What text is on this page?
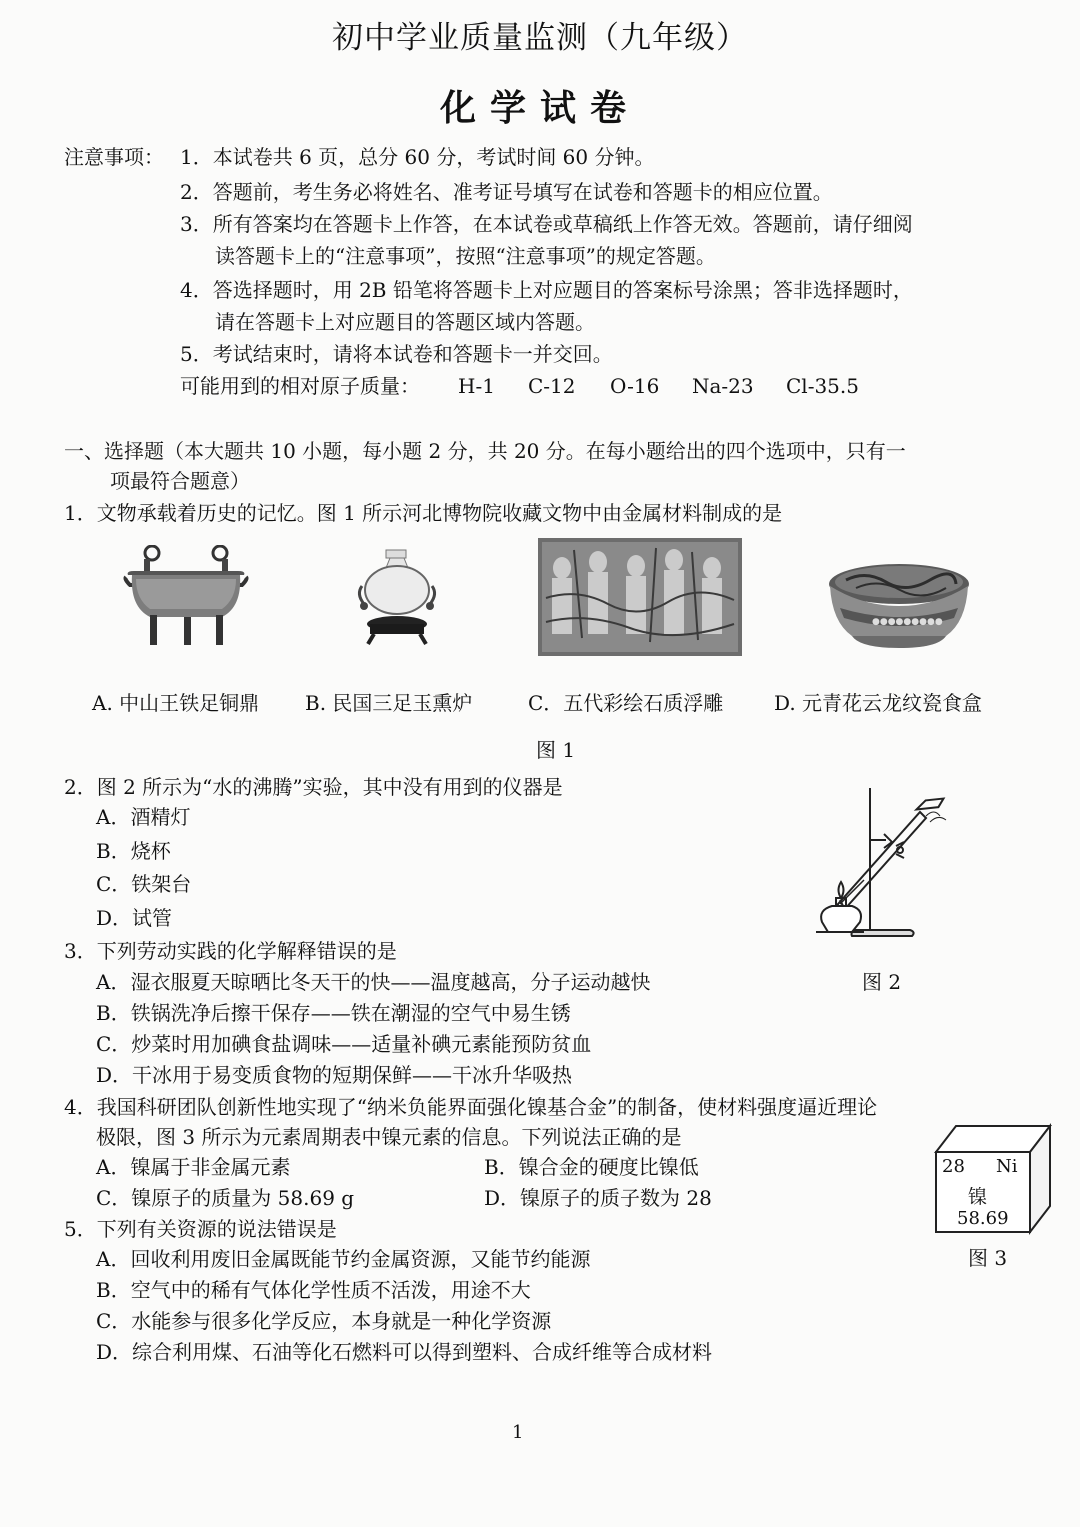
初中学业质量监测（九年级）
化学试卷
注意事项： 1．本试卷共 6 页，总分 60 分，考试时间 60 分钟。
2．答题前，考生务必将姓名、准考证号填写在试卷和答题卡的相应位置。
3．所有答案均在答题卡上作答，在本试卷或草稿纸上作答无效。答题前，请仔细阅
读答题卡上的“注意事项”，按照“注意事项”的规定答题。
4．答选择题时，用 2B 铅笔将答题卡上对应题目的答案标号涂黑；答非选择题时，
请在答题卡上对应题目的答题区域内答题。
5．考试结束时，请将本试卷和答题卡一并交回。
可能用到的相对原子质量： H-1 C-12 O-16 Na-23 Cl-35.5
一、选择题（本大题共 10 小题，每小题 2 分，共 20 分。在每小题给出的四个选项中，只有一
项最符合题意）
1．文物承载着历史的记忆。图 1 所示河北博物院收藏文物中由金属材料制成的是
●●●●●●●●●
A. 中山王铁足铜鼎 B. 民国三足玉熏炉	C．五代彩绘石质浮雕	D. 元青花云龙纹瓷食盒
图 1
2．图 2 所示为“水的沸腾”实验，其中没有用到的仪器是
A．酒精灯
B．烧杯
C．铁架台
D．试管
图 2
3．下列劳动实践的化学解释错误的是
A．湿衣服夏天晾晒比冬天干的快——温度越高，分子运动越快
B．铁锅洗净后擦干保存——铁在潮湿的空气中易生锈
C．炒菜时用加碘食盐调味——适量补碘元素能预防贫血
D．干冰用于易变质食物的短期保鲜——干冰升华吸热
4．我国科研团队创新性地实现了“纳米负能界面强化镍基合金”的制备，使材料强度逼近理论
极限，图 3 所示为元素周期表中镍元素的信息。下列说法正确的是
A．镍属于非金属元素	B．镍合金的硬度比镍低
C．镍原子的质量为 58.69 g	D．镍原子的质子数为 28
28 Ni
镍
58.69
图 3
5．下列有关资源的说法错误是
A．回收利用废旧金属既能节约金属资源，又能节约能源
B．空气中的稀有气体化学性质不活泼，用途不大
C．水能参与很多化学反应，本身就是一种化学资源
D．综合利用煤、石油等化石燃料可以得到塑料、合成纤维等合成材料
1
